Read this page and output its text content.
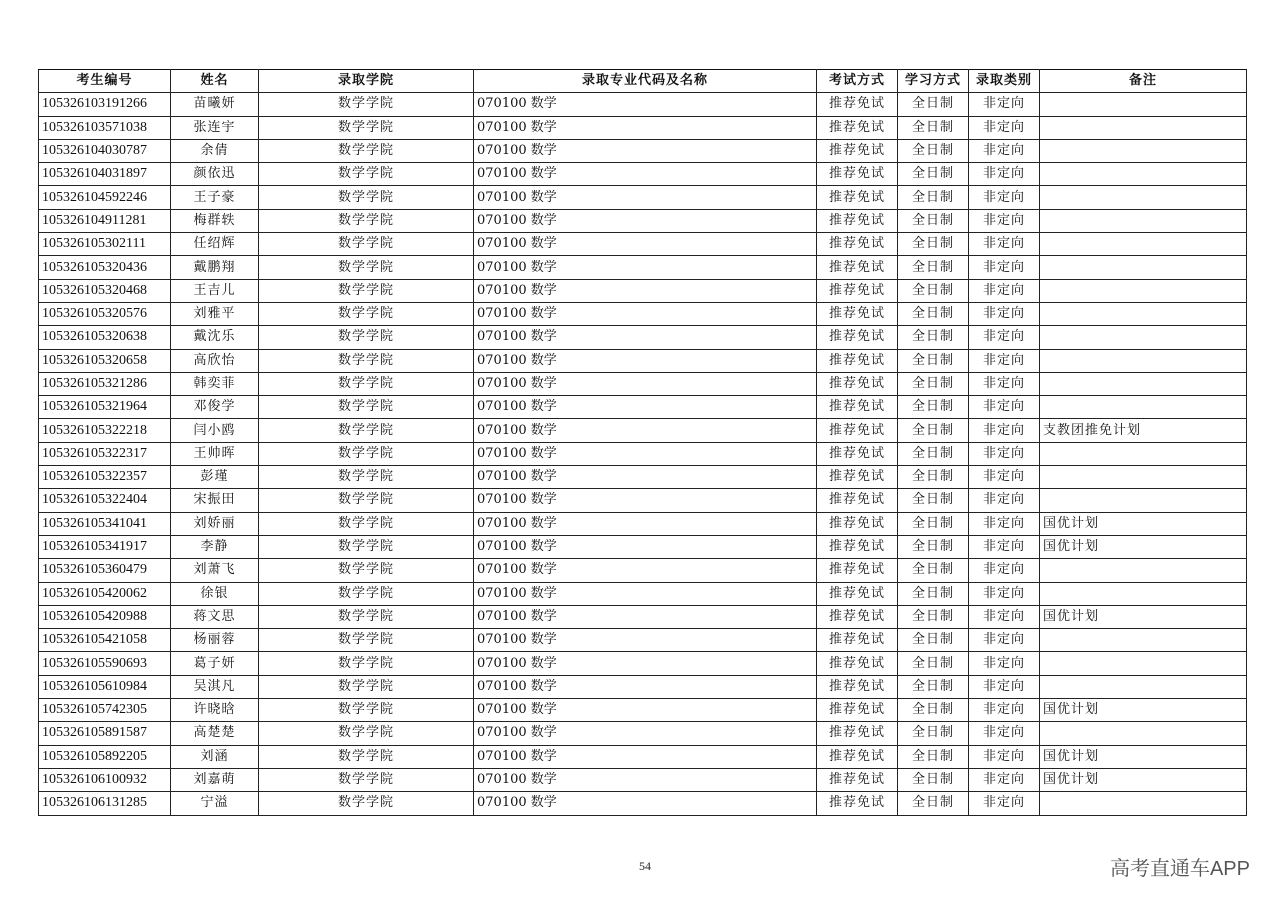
考生编号	姓名	录取学院	录取专业代码及名称	考试方式	学习方式	录取类别	备注
105326103191266	苗曦妍	数学学院	070100 数学	推荐免试	全日制	非定向	
105326103571038	张连宇	数学学院	070100 数学	推荐免试	全日制	非定向	
105326104030787	余倩	数学学院	070100 数学	推荐免试	全日制	非定向	
105326104031897	颜依迅	数学学院	070100 数学	推荐免试	全日制	非定向	
105326104592246	王子豪	数学学院	070100 数学	推荐免试	全日制	非定向	
105326104911281	梅群轶	数学学院	070100 数学	推荐免试	全日制	非定向	
105326105302111	任绍辉	数学学院	070100 数学	推荐免试	全日制	非定向	
105326105320436	戴鹏翔	数学学院	070100 数学	推荐免试	全日制	非定向	
105326105320468	王吉儿	数学学院	070100 数学	推荐免试	全日制	非定向	
105326105320576	刘雅平	数学学院	070100 数学	推荐免试	全日制	非定向	
105326105320638	戴沈乐	数学学院	070100 数学	推荐免试	全日制	非定向	
105326105320658	高欣怡	数学学院	070100 数学	推荐免试	全日制	非定向	
105326105321286	韩奕菲	数学学院	070100 数学	推荐免试	全日制	非定向	
105326105321964	邓俊学	数学学院	070100 数学	推荐免试	全日制	非定向	
105326105322218	闫小鸥	数学学院	070100 数学	推荐免试	全日制	非定向	支教团推免计划
105326105322317	王帅晖	数学学院	070100 数学	推荐免试	全日制	非定向	
105326105322357	彭瑾	数学学院	070100 数学	推荐免试	全日制	非定向	
105326105322404	宋振田	数学学院	070100 数学	推荐免试	全日制	非定向	
105326105341041	刘娇丽	数学学院	070100 数学	推荐免试	全日制	非定向	国优计划
105326105341917	李静	数学学院	070100 数学	推荐免试	全日制	非定向	国优计划
105326105360479	刘萧飞	数学学院	070100 数学	推荐免试	全日制	非定向	
105326105420062	徐银	数学学院	070100 数学	推荐免试	全日制	非定向	
105326105420988	蒋文思	数学学院	070100 数学	推荐免试	全日制	非定向	国优计划
105326105421058	杨丽蓉	数学学院	070100 数学	推荐免试	全日制	非定向	
105326105590693	葛子妍	数学学院	070100 数学	推荐免试	全日制	非定向	
105326105610984	吴淇凡	数学学院	070100 数学	推荐免试	全日制	非定向	
105326105742305	许晓晗	数学学院	070100 数学	推荐免试	全日制	非定向	国优计划
105326105891587	高楚楚	数学学院	070100 数学	推荐免试	全日制	非定向	
105326105892205	刘涵	数学学院	070100 数学	推荐免试	全日制	非定向	国优计划
105326106100932	刘嘉萌	数学学院	070100 数学	推荐免试	全日制	非定向	国优计划
105326106131285	宁溢	数学学院	070100 数学	推荐免试	全日制	非定向	
54	高考直通车APP
